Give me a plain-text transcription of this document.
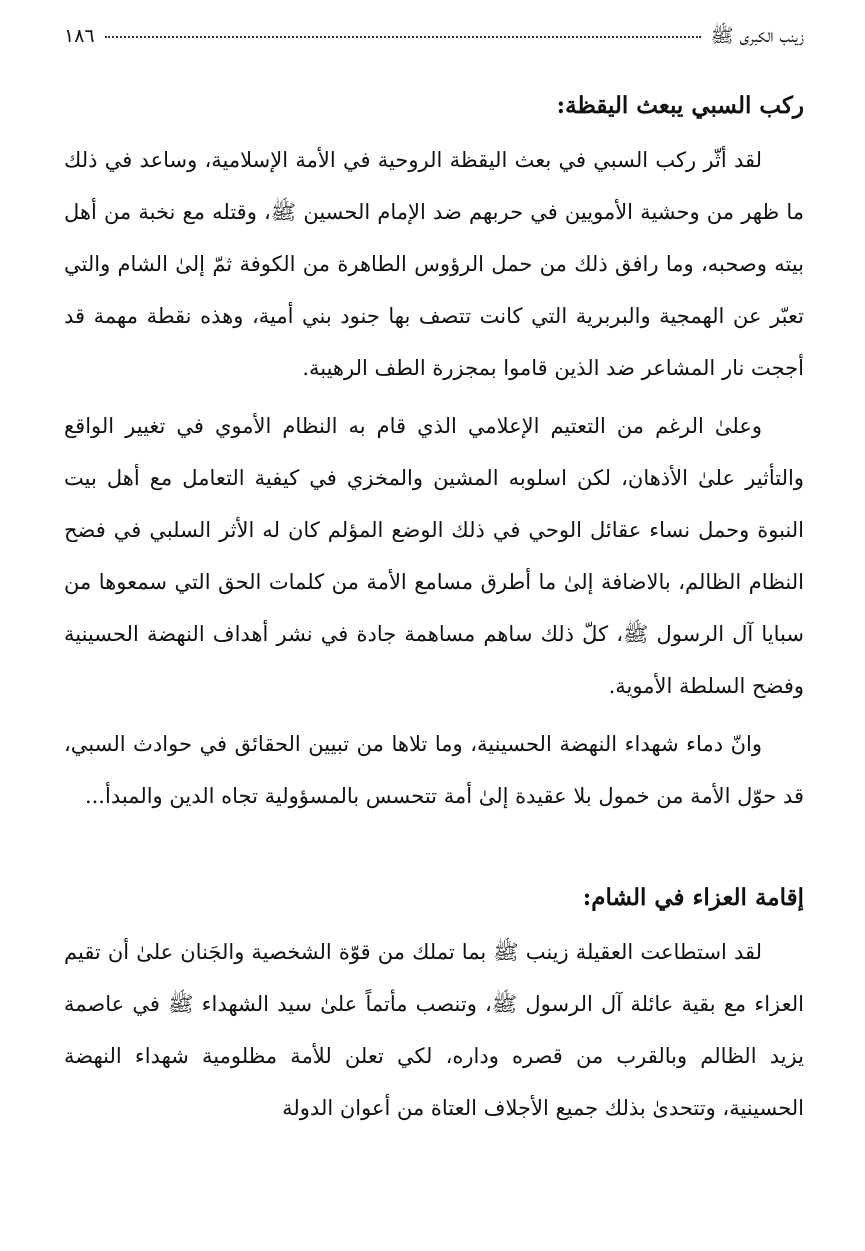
زينب الكبرى ﷺ
١٨٦
ركب السبي يبعث اليقظة:

لقد أثّر ركب السبي في بعث اليقظة الروحية في الأمة الإسلامية، وساعد في ذلك ما ظهر من وحشية الأمويين في حربهم ضد الإمام الحسين ﷺ، وقتله مع نخبة من أهل بيته وصحبه، وما رافق ذلك من حمل الرؤوس الطاهرة من الكوفة ثمّ إلىٰ الشام والتي تعبّر عن الهمجية والبربرية التي كانت تتصف بها جنود بني أمية، وهذه نقطة مهمة قد أججت نار المشاعر ضد الذين قاموا بمجزرة الطف الرهيبة.

وعلىٰ الرغم من التعتيم الإعلامي الذي قام به النظام الأموي في تغيير الواقع والتأثير علىٰ الأذهان، لكن اسلوبه المشين والمخزي في كيفية التعامل مع أهل بيت النبوة وحمل نساء عقائل الوحي في ذلك الوضع المؤلم كان له الأثر السلبي في فضح النظام الظالم، بالاضافة إلىٰ ما أطرق مسامع الأمة من كلمات الحق التي سمعوها من سبايا آل الرسول ﷺ، كلّ ذلك ساهم مساهمة جادة في نشر أهداف النهضة الحسينية وفضح السلطة الأموية.

وانّ دماء شهداء النهضة الحسينية، وما تلاها من تبيين الحقائق في حوادث السبي، قد حوّل الأمة من خمول بلا عقيدة إلىٰ أمة تتحسس بالمسؤولية تجاه الدين والمبدأ...

إقامة العزاء في الشام:

لقد استطاعت العقيلة زينب ﷺ بما تملك من قوّة الشخصية والجَنان علىٰ أن تقيم العزاء مع بقية عائلة آل الرسول ﷺ، وتنصب مأتماً علىٰ سيد الشهداء ﷺ في عاصمة يزيد الظالم وبالقرب من قصره وداره، لكي تعلن للأمة مظلومية شهداء النهضة الحسينية، وتتحدىٰ بذلك جميع الأجلاف العتاة من أعوان الدولة
